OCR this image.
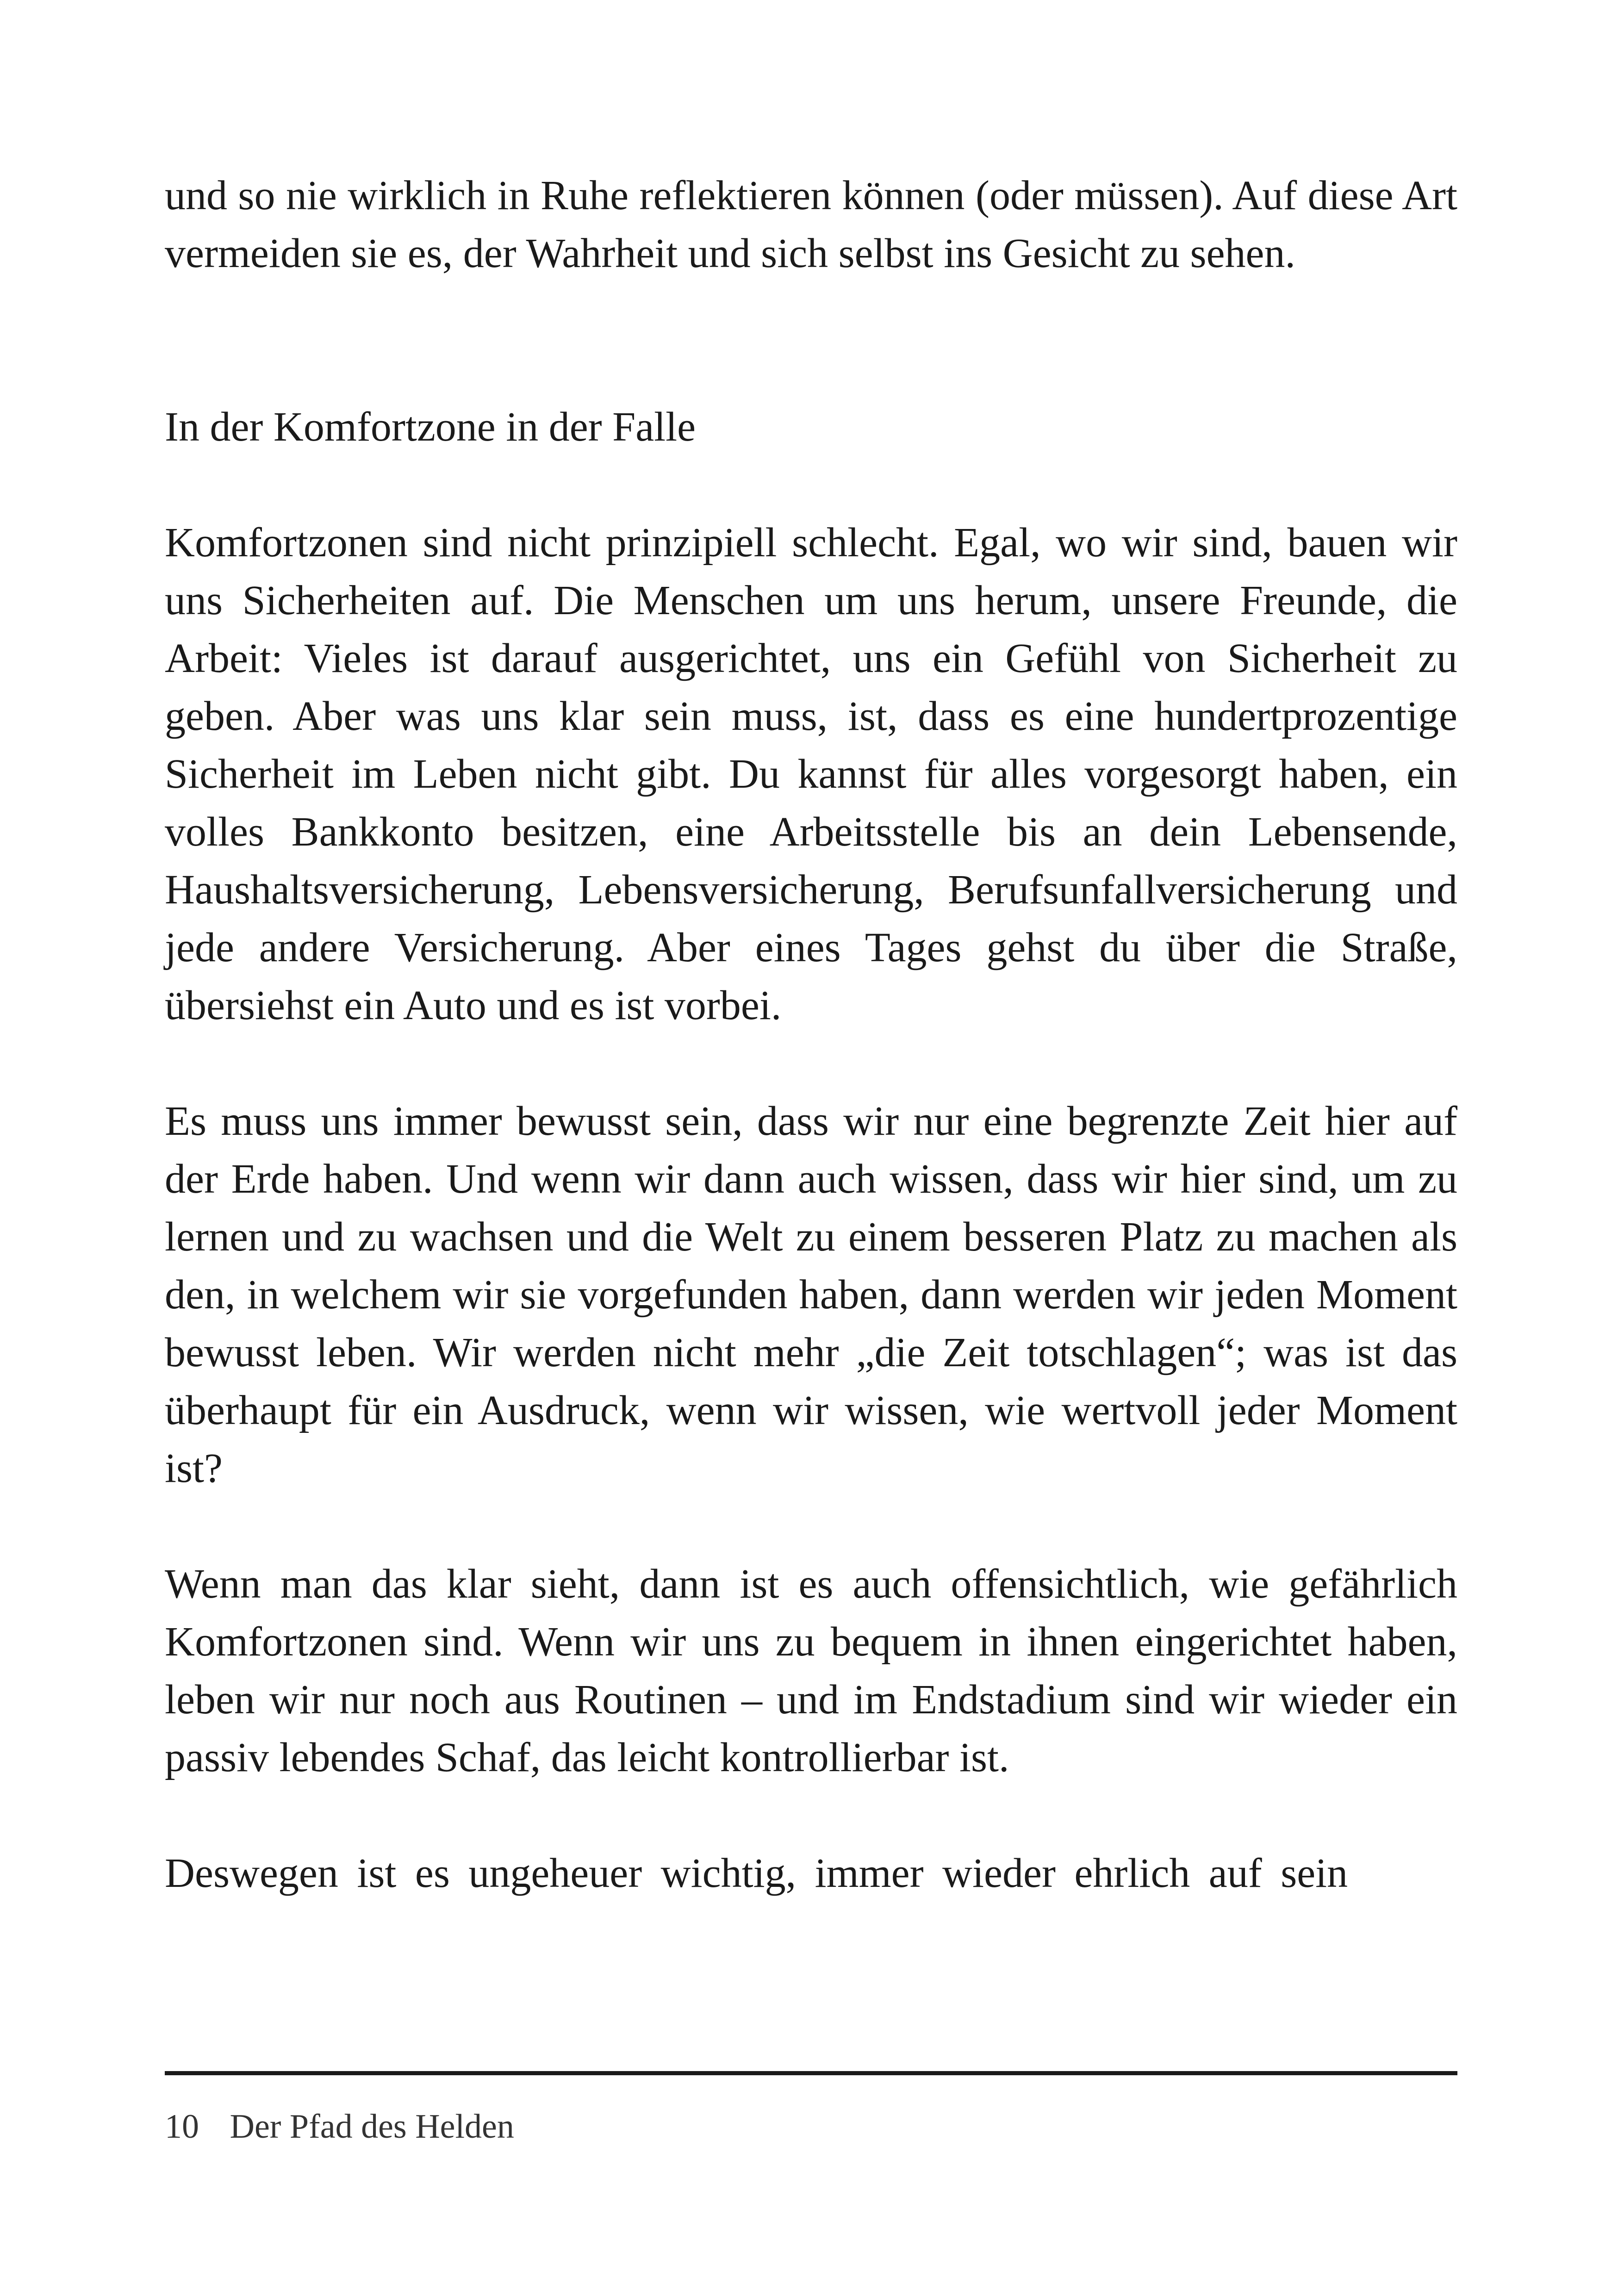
und so nie wirklich in Ruhe reflektieren können (oder müssen). Auf diese Art vermeiden sie es, der Wahrheit und sich selbst ins Gesicht zu sehen.

In der Komfortzone in der Falle

Komfortzonen sind nicht prinzipiell schlecht. Egal, wo wir sind, bauen wir uns Sicherheiten auf. Die Menschen um uns herum, unsere Freunde, die Arbeit: Vieles ist darauf ausgerichtet, uns ein Gefühl von Sicherheit zu geben. Aber was uns klar sein muss, ist, dass es eine hundertprozentige Sicherheit im Leben nicht gibt. Du kannst für alles vorgesorgt haben, ein volles Bankkonto besitzen, eine Arbeitsstelle bis an dein Lebensende, Haushaltsversicherung, Lebensversicherung, Berufsunfallversicherung und jede andere Versicherung. Aber eines Tages gehst du über die Straße, übersiehst ein Auto und es ist vorbei.

Es muss uns immer bewusst sein, dass wir nur eine begrenzte Zeit hier auf der Erde haben. Und wenn wir dann auch wissen, dass wir hier sind, um zu lernen und zu wachsen und die Welt zu einem besseren Platz zu machen als den, in welchem wir sie vorgefunden haben, dann werden wir jeden Moment bewusst leben. Wir werden nicht mehr „die Zeit totschlagen“; was ist das überhaupt für ein Ausdruck, wenn wir wissen, wie wertvoll jeder Moment ist?

Wenn man das klar sieht, dann ist es auch offensichtlich, wie gefährlich Komfortzonen sind. Wenn wir uns zu bequem in ihnen eingerichtet haben, leben wir nur noch aus Routinen – und im Endstadium sind wir wieder ein passiv lebendes Schaf, das leicht kontrollierbar ist.

Deswegen ist es ungeheuer wichtig, immer wieder ehrlich auf sein

10 Der Pfad des Helden
